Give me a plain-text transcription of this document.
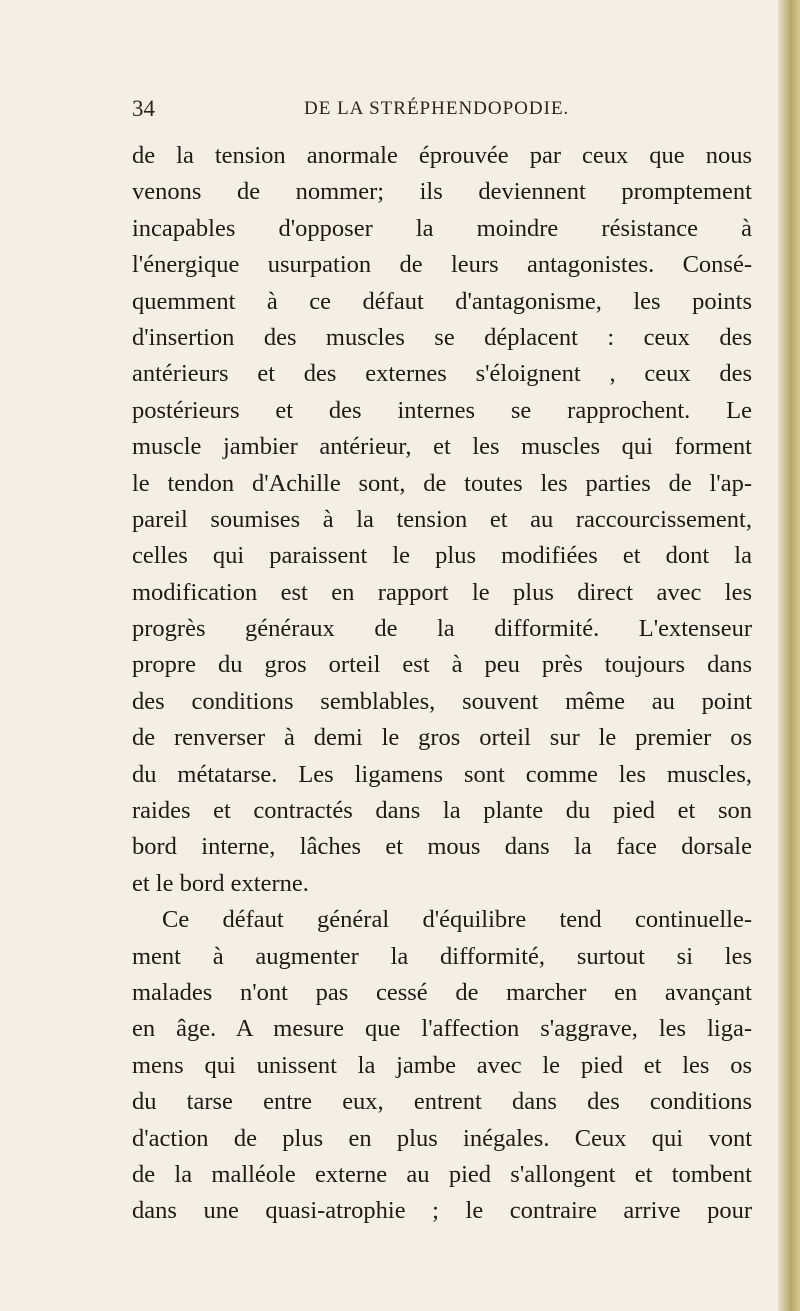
34	DE LA STRÉPHENDOPODIE.
de la tension anormale éprouvée par ceux que nous
venons de nommer; ils deviennent promptement
incapables d'opposer la moindre résistance à
l'énergique usurpation de leurs antagonistes. Consé-
quemment à ce défaut d'antagonisme, les points
d'insertion des muscles se déplacent : ceux des
antérieurs et des externes s'éloignent , ceux des
postérieurs et des internes se rapprochent. Le
muscle jambier antérieur, et les muscles qui forment
le tendon d'Achille sont, de toutes les parties de l'ap-
pareil soumises à la tension et au raccourcissement,
celles qui paraissent le plus modifiées et dont la
modification est en rapport le plus direct avec les
progrès généraux de la difformité. L'extenseur
propre du gros orteil est à peu près toujours dans
des conditions semblables, souvent même au point
de renverser à demi le gros orteil sur le premier os
du métatarse. Les ligamens sont comme les muscles,
raides et contractés dans la plante du pied et son
bord interne, lâches et mous dans la face dorsale
et le bord externe.
Ce défaut général d'équilibre tend continuelle-
ment à augmenter la difformité, surtout si les
malades n'ont pas cessé de marcher en avançant
en âge. A mesure que l'affection s'aggrave, les liga-
mens qui unissent la jambe avec le pied et les os
du tarse entre eux, entrent dans des conditions
d'action de plus en plus inégales. Ceux qui vont
de la malléole externe au pied s'allongent et tombent
dans une quasi-atrophie ; le contraire arrive pour
